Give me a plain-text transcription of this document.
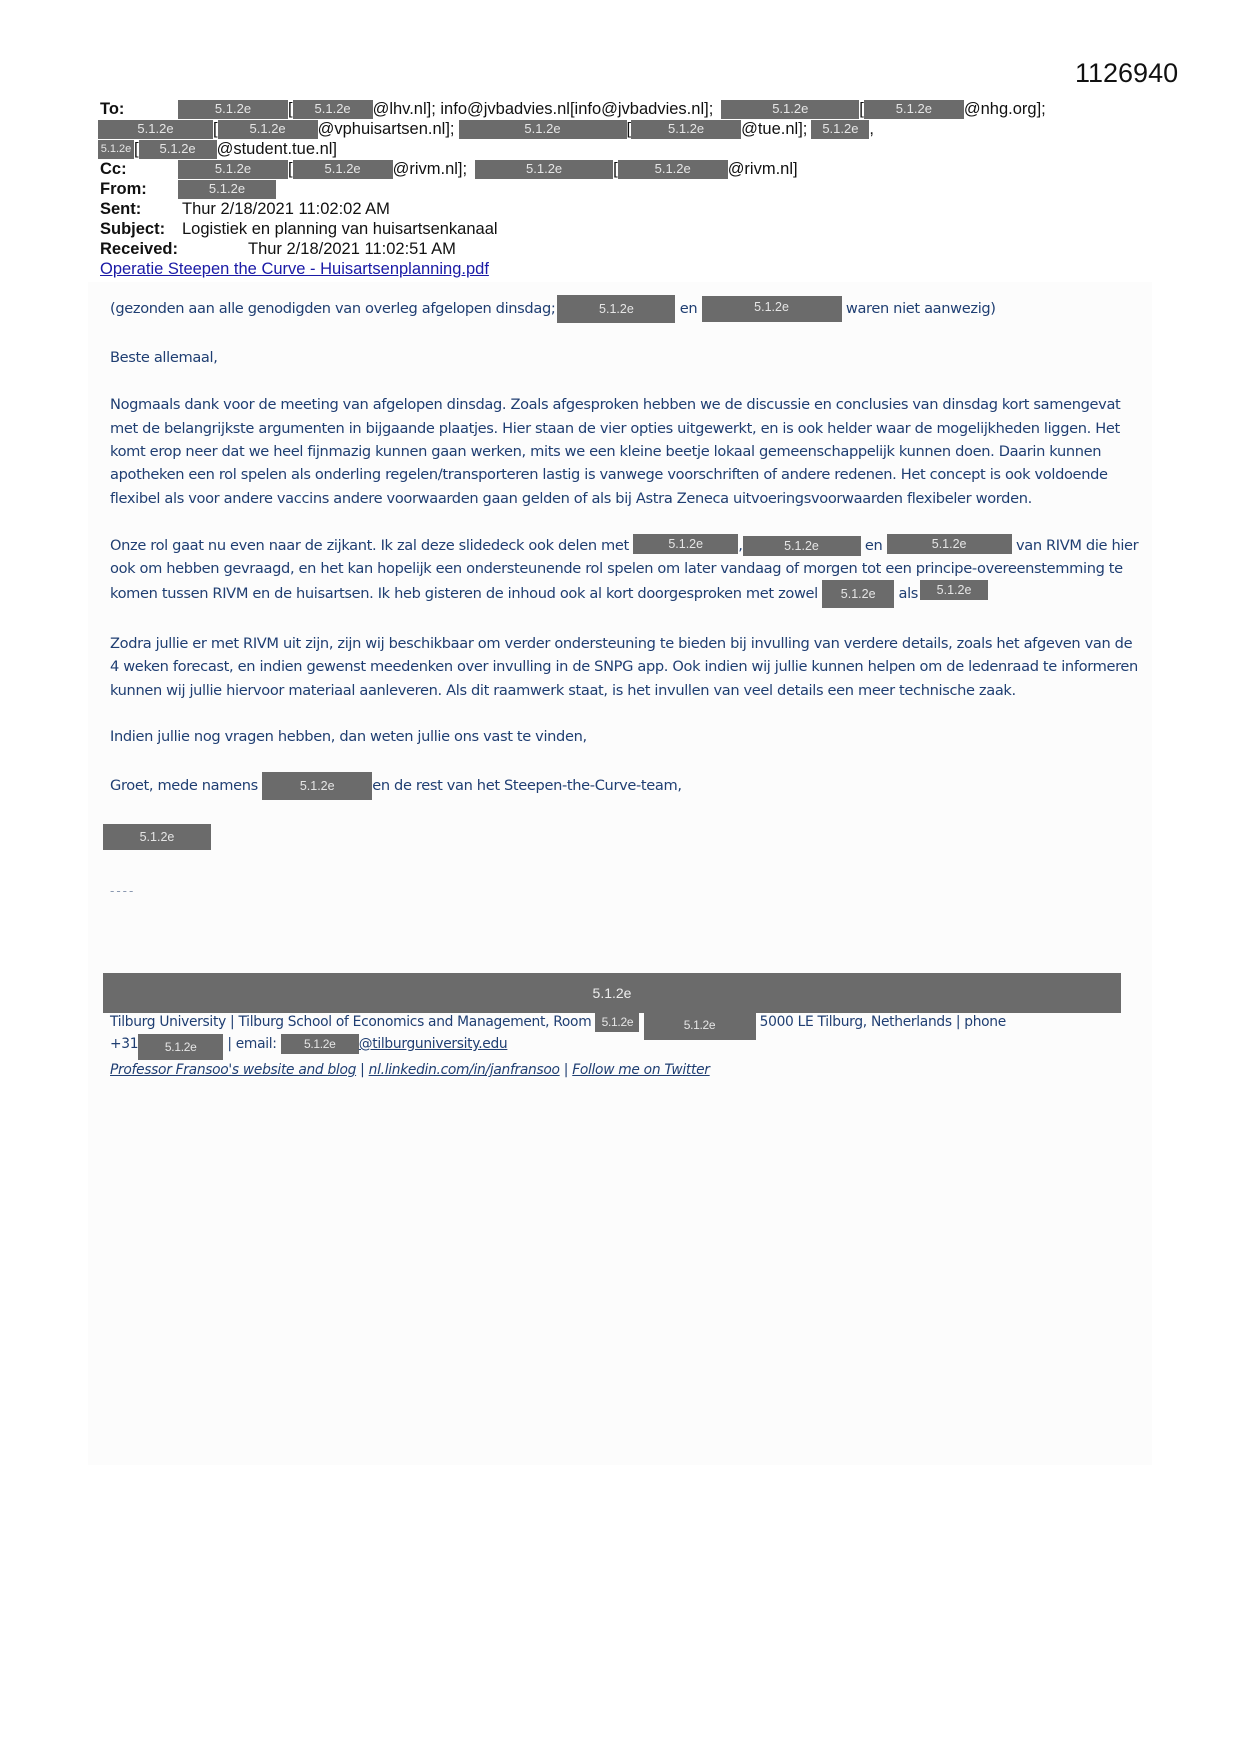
1126940
To:	5.1.2e [ 5.1.2e @lhv.nl]; info@jvbadvies.nl[info@jvbadvies.nl];	5.1.2e	[ 5.1.2e @nhg.org];
5.1.2e [ 5.1.2e @vphuisartsen.nl];	5.1.2e	[	5.1.2e @tue.nl]; 5.1.2e ,
5.1.2e [ 5.1.2e @student.tue.nl]
Cc:	5.1.2e [ 5.1.2e @rivm.nl];	5.1.2e	[	5.1.2e @rivm.nl]
From:	5.1.2e
Sent: Thur 2/18/2021 11:02:02 AM
Subject: Logistiek en planning van huisartsenkanaal
Received:	Thur 2/18/2021 11:02:51 AM
Operatie Steepen the Curve - Huisartsenplanning.pdf

(gezonden aan alle genodigden van overleg afgelopen dinsdag;	5.1.2e	en	5.1.2e	waren niet aanwezig)

Beste allemaal,

Nogmaals dank voor de meeting van afgelopen dinsdag. Zoals afgesproken hebben we de discussie en conclusies van dinsdag kort samengevat met de belangrijkste argumenten in bijgaande plaatjes. Hier staan de vier opties uitgewerkt, en is ook helder waar de mogelijkheden liggen. Het komt erop neer dat we heel fijnmazig kunnen gaan werken, mits we een kleine beetje lokaal gemeenschappelijk kunnen doen. Daarin kunnen apotheken een rol spelen als onderling regelen/transporteren lastig is vanwege voorschriften of andere redenen. Het concept is ook voldoende flexibel als voor andere vaccins andere voorwaarden gaan gelden of als bij Astra Zeneca uitvoeringsvoorwaarden flexibeler worden.

Onze rol gaat nu even naar de zijkant. Ik zal deze slidedeck ook delen met	5.1.2e ,	5.1.2e	en	5.1.2e	van RIVM die hier ook om hebben gevraagd, en het kan hopelijk een ondersteunende rol spelen om later vandaag of morgen tot een principe-overeenstemming te komen tussen RIVM en de huisartsen. Ik heb gisteren de inhoud ook al kort doorgesproken met zowel 5.1.2e als 5.1.2e

Zodra jullie er met RIVM uit zijn, zijn wij beschikbaar om verder ondersteuning te bieden bij invulling van verdere details, zoals het afgeven van de 4 weken forecast, en indien gewenst meedenken over invulling in de SNPG app. Ook indien wij jullie kunnen helpen om de ledenraad te informeren kunnen wij jullie hiervoor materiaal aanleveren. Als dit raamwerk staat, is het invullen van veel details een meer technische zaak.

Indien jullie nog vragen hebben, dan weten jullie ons vast te vinden,

Groet, mede namens	5.1.2e	en de rest van het Steepen-the-Curve-team,

5.1.2e

----

5.1.2e
Tilburg University | Tilburg School of Economics and Management, Room 5.1.2e	5.1.2e	5000 LE Tilburg, Netherlands | phone
+31 5.1.2e | email: 5.1.2e @tilburguniversity.edu
Professor Fransoo's website and blog | nl.linkedin.com/in/janfransoo | Follow me on Twitter
